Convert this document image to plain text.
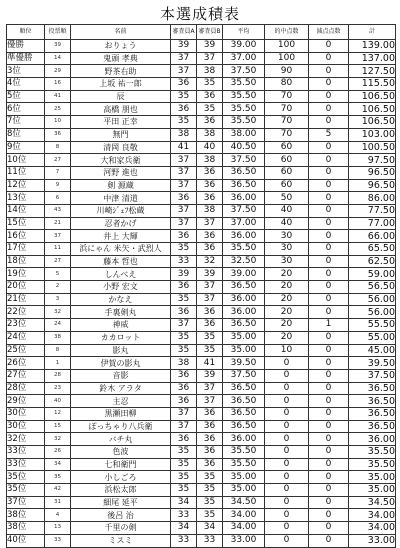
本選成積表
順位	投票順	名前	審査員A	審査員B	平均	的中点数	減点点数	計
優勝	39	おりょう	39	39	39.00	100	0	139.00
準優勝	14	鬼頭 孝典	37	37	37.00	100	0	137.00
3位	29	野茶右助	37	38	37.50	90	0	127.50
4位	16	上坂 祐一郎	36	35	35.50	80	0	115.50
5位	41	辰	35	36	35.50	70	0	106.50
6位	25	高橋 朋也	36	35	35.50	70	0	106.50
7位	10	平田 正幸	35	36	35.50	70	0	106.50
8位	36	無門	38	38	38.00	70	5	103.00
9位	8	清岡 良敬	41	40	40.50	60	0	100.50
10位	27	大和家兵衛	37	38	37.50	60	0	97.50
11位	7	河野 進也	37	36	36.50	60	0	96.50
12位	9	剣 源蔵	37	36	36.50	60	0	96.50
13位	6	中津 清道	36	36	36.00	50	0	86.00
14位	43	川崎ｼﾞｪﾌ松蔵	37	38	37.50	40	0	77.50
15位	21	忍者かげ	37	37	37.00	40	0	77.00
16位	37	井上 大輝	36	36	36.00	30	0	66.00
17位	11	浜にゃん 米矢・武烈人	35	36	35.50	30	0	65.50
18位	27	藤本 哲也	33	32	32.50	30	0	62.50
19位	5	しんべえ	39	39	39.00	20	0	59.00
20位	2	小野 宏文	36	37	36.50	20	0	56.50
21位	3	かなえ	35	37	36.00	20	0	56.00
22位	32	手裏剣丸	36	36	36.00	20	0	56.00
23位	24	神威	37	36	36.50	20	1	55.50
24位	38	カカロット	35	35	35.00	20	0	55.00
25位	8	影丸	35	35	35.00	10	0	45.00
26位	1	伊賀の影丸	38	41	39.50	0	0	39.50
27位	28	音影	36	39	37.50	0	0	37.50
28位	23	鈴木 アラタ	36	37	36.50	0	0	36.50
29位	40	主忍	36	37	36.50	0	0	36.50
30位	12	黒瀬田柳	37	36	36.50	0	0	36.50
30位	15	ぽっちゃり八兵衛	37	36	36.50	0	0	36.50
32位	32	バチ丸	36	36	36.00	0	0	36.00
33位	26	色波	35	36	35.50	0	0	35.50
33位	34	七和衛門	35	36	35.50	0	0	35.50
35位	35	小しごろ	35	35	35.00	0	0	35.00
35位	42	浜松太郎	35	35	35.00	0	0	35.00
37位	31	細尾 延平	34	35	34.50	0	0	34.50
38位	4	後呂 治	33	35	34.00	0	0	34.00
38位	13	千里の剣	34	34	34.00	0	0	34.00
40位	33	ミスミ	33	33	33.00	0	0	33.00
